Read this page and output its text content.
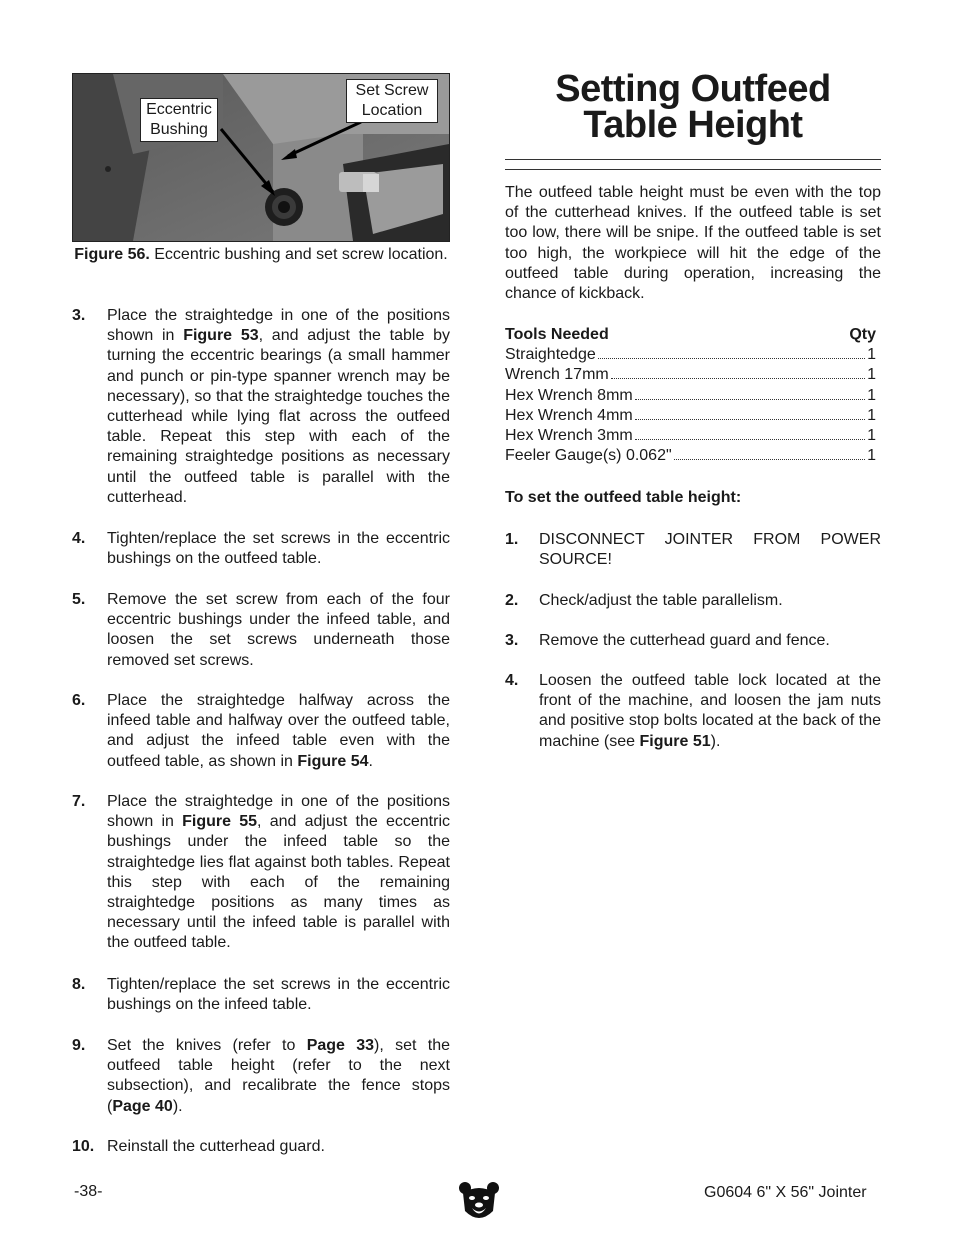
Eccentric
Bushing
Set Screw
Location
Figure 56. Eccentric bushing and set screw location.
3. Place the straightedge in one of the positions shown in Figure 53, and adjust the table by turning the eccentric bearings (a small hammer and punch or pin-type spanner wrench may be necessary), so that the straightedge touches the cutterhead while lying flat across the outfeed table. Repeat this step with each of the remaining straightedge positions as necessary until the outfeed table is parallel with the cutterhead.
4. Tighten/replace the set screws in the eccentric bushings on the outfeed table.
5. Remove the set screw from each of the four eccentric bushings under the infeed table, and loosen the set screws underneath those removed set screws.
6. Place the straightedge halfway across the infeed table and halfway over the outfeed table, and adjust the infeed table even with the outfeed table, as shown in Figure 54.
7. Place the straightedge in one of the positions shown in Figure 55, and adjust the eccentric bushings under the infeed table so the straightedge lies flat against both tables. Repeat this step with each of the remaining straightedge positions as many times as necessary until the infeed table is parallel with the outfeed table.
8. Tighten/replace the set screws in the eccentric bushings on the infeed table.
9. Set the knives (refer to Page 33), set the outfeed table height (refer to the next subsection), and recalibrate the fence stops (Page 40).
10. Reinstall the cutterhead guard.
Setting Outfeed
Table Height
The outfeed table height must be even with the top of the cutterhead knives. If the outfeed table is set too low, there will be snipe. If the outfeed table is set too high, the workpiece will hit the edge of the outfeed table during operation, increasing the chance of kickback.
Tools Needed	Qty
Straightedge	1
Wrench 17mm	1
Hex Wrench 8mm	1
Hex Wrench 4mm	1
Hex Wrench 3mm	1
Feeler Gauge(s) 0.062"	1
To set the outfeed table height:
1. DISCONNECT JOINTER FROM POWER SOURCE!
2. Check/adjust the table parallelism.
3. Remove the cutterhead guard and fence.
4. Loosen the outfeed table lock located at the front of the machine, and loosen the jam nuts and positive stop bolts located at the back of the machine (see Figure 51).
-38-	G0604 6" X 56" Jointer
